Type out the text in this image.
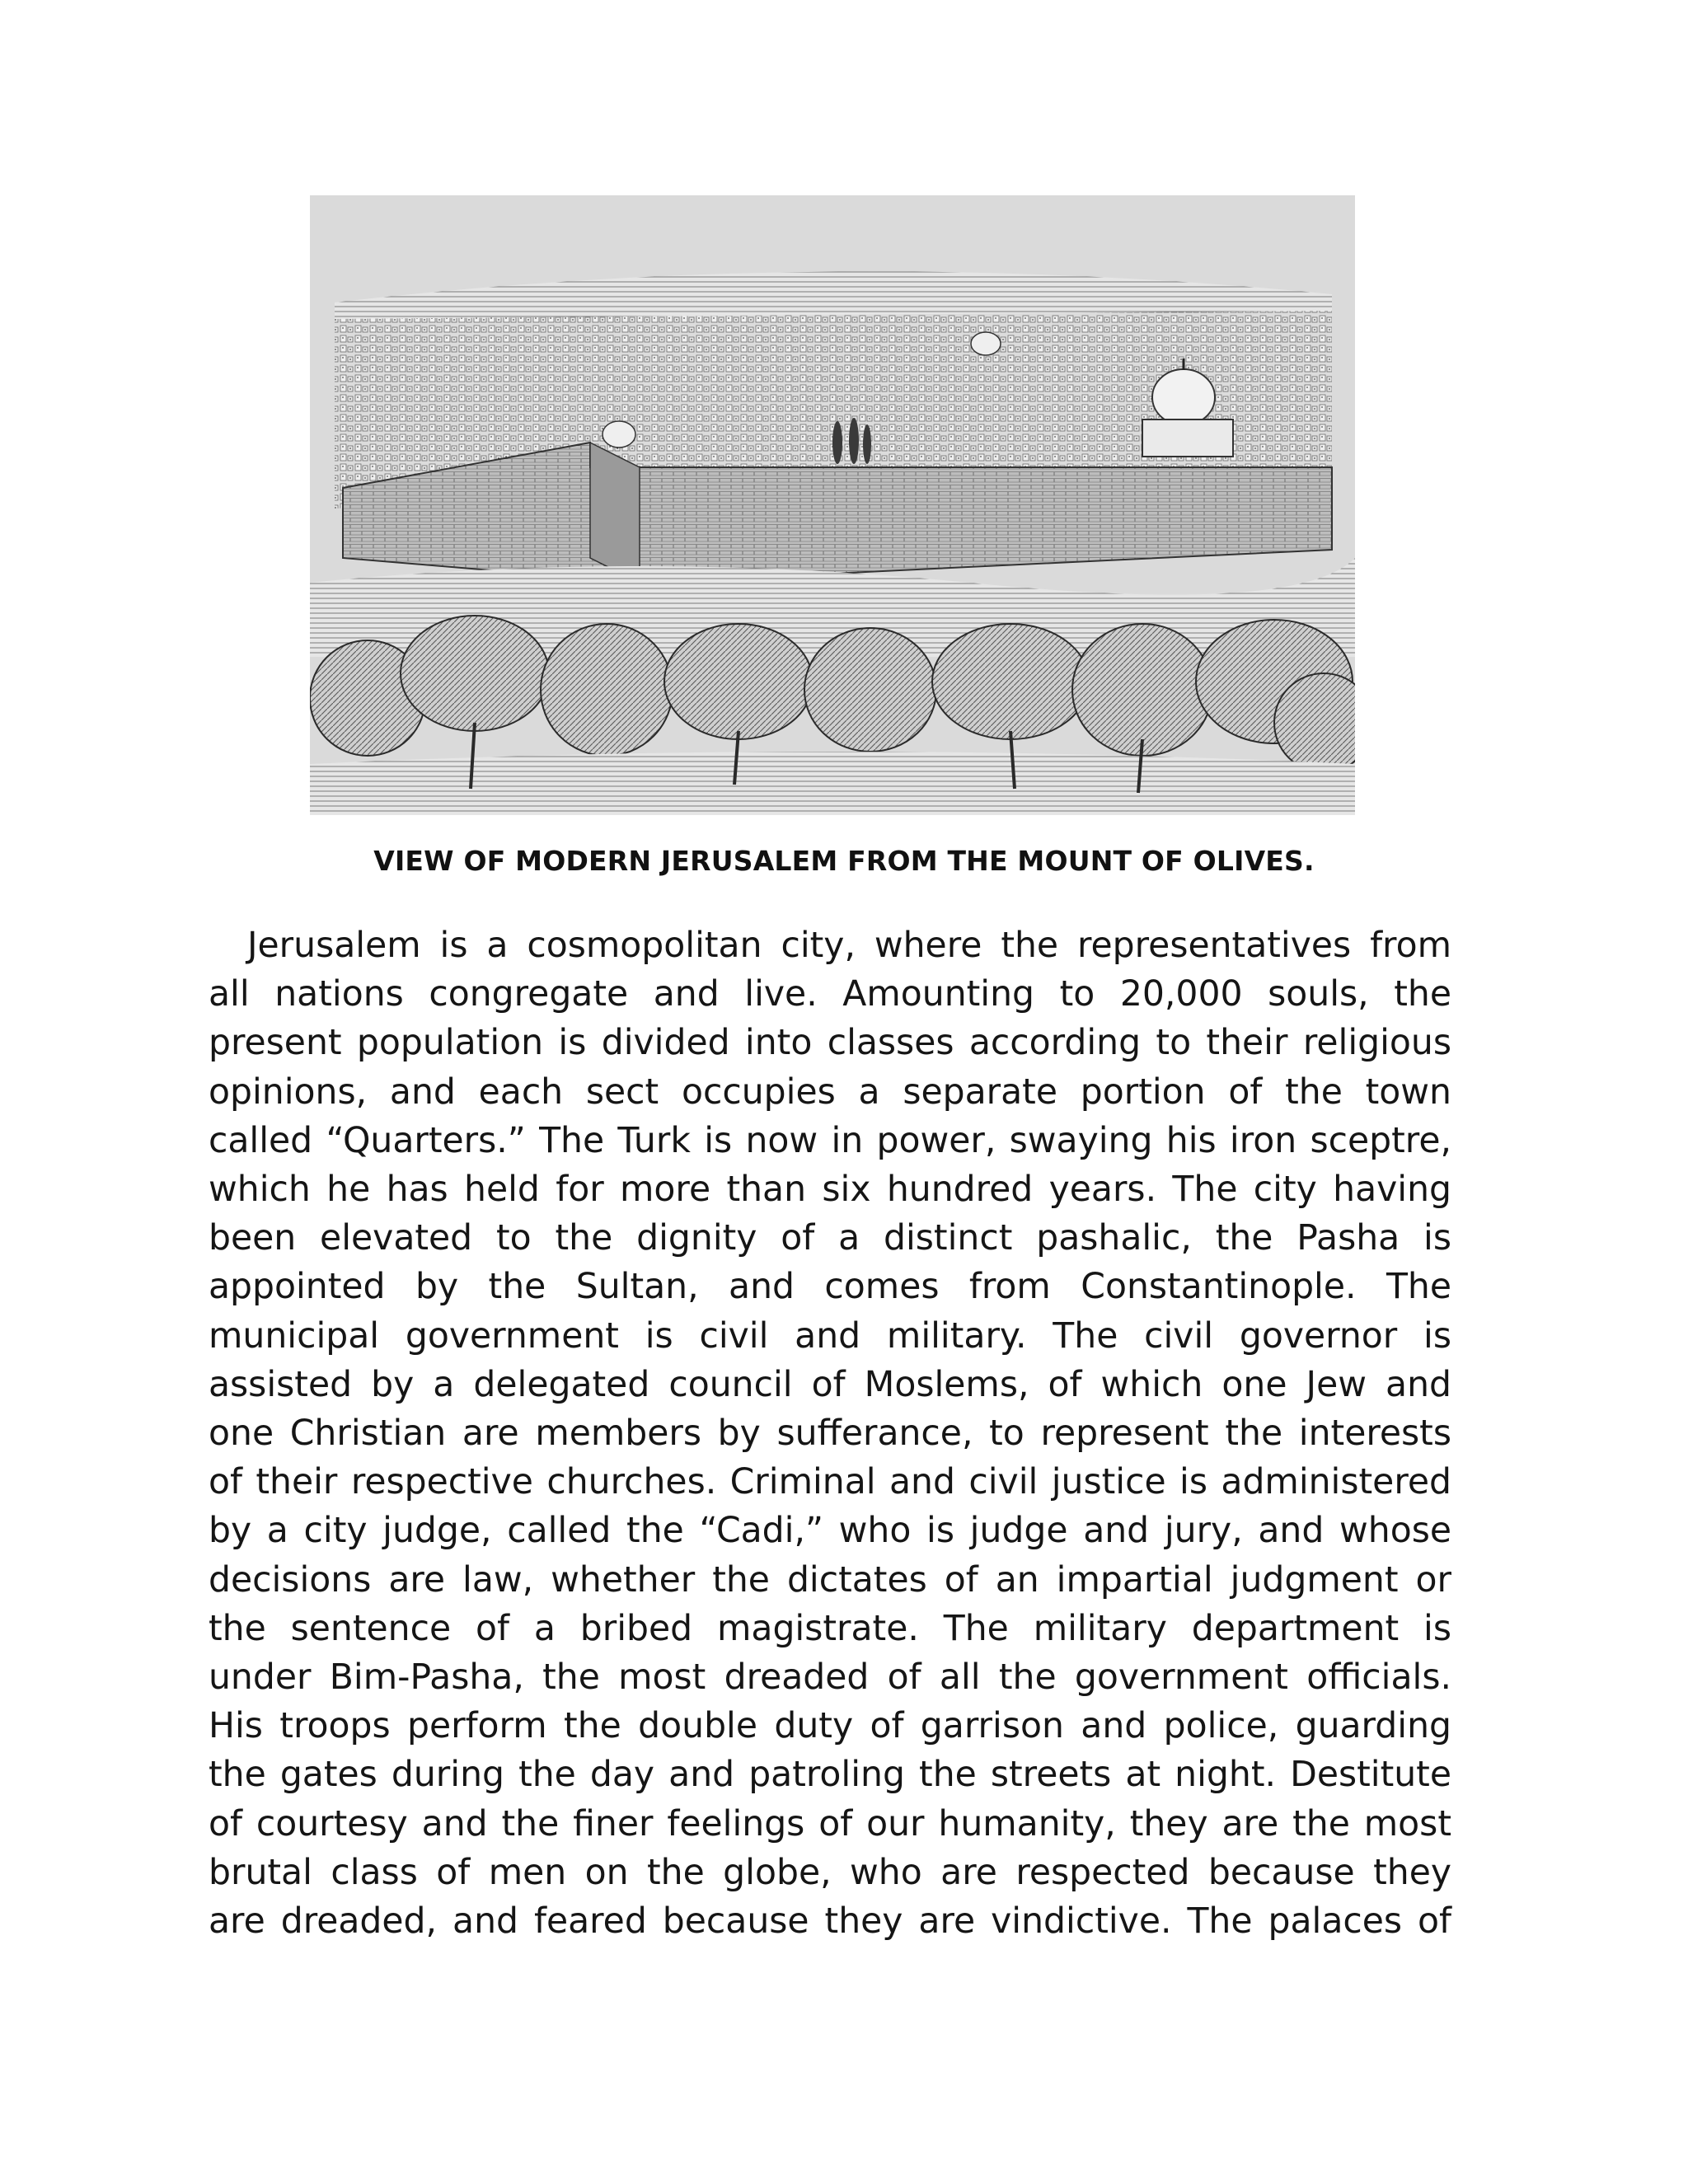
VIEW OF MODERN JERUSALEM FROM THE MOUNT OF OLIVES.

Jerusalem is a cosmopolitan city, where the representatives from
all nations congregate and live. Amounting to 20,000 souls, the
present population is divided into classes according to their religious
opinions, and each sect occupies a separate portion of the town
called “Quarters.” The Turk is now in power, swaying his iron sceptre,
which he has held for more than six hundred years. The city having
been elevated to the dignity of a distinct pashalic, the Pasha is
appointed by the Sultan, and comes from Constantinople. The
municipal government is civil and military. The civil governor is
assisted by a delegated council of Moslems, of which one Jew and
one Christian are members by sufferance, to represent the interests
of their respective churches. Criminal and civil justice is administered
by a city judge, called the “Cadi,” who is judge and jury, and whose
decisions are law, whether the dictates of an impartial judgment or
the sentence of a bribed magistrate. The military department is
under Bim-Pasha, the most dreaded of all the government officials.
His troops perform the double duty of garrison and police, guarding
the gates during the day and patroling the streets at night. Destitute
of courtesy and the finer feelings of our humanity, they are the most
brutal class of men on the globe, who are respected because they
are dreaded, and feared because they are vindictive. The palaces of
